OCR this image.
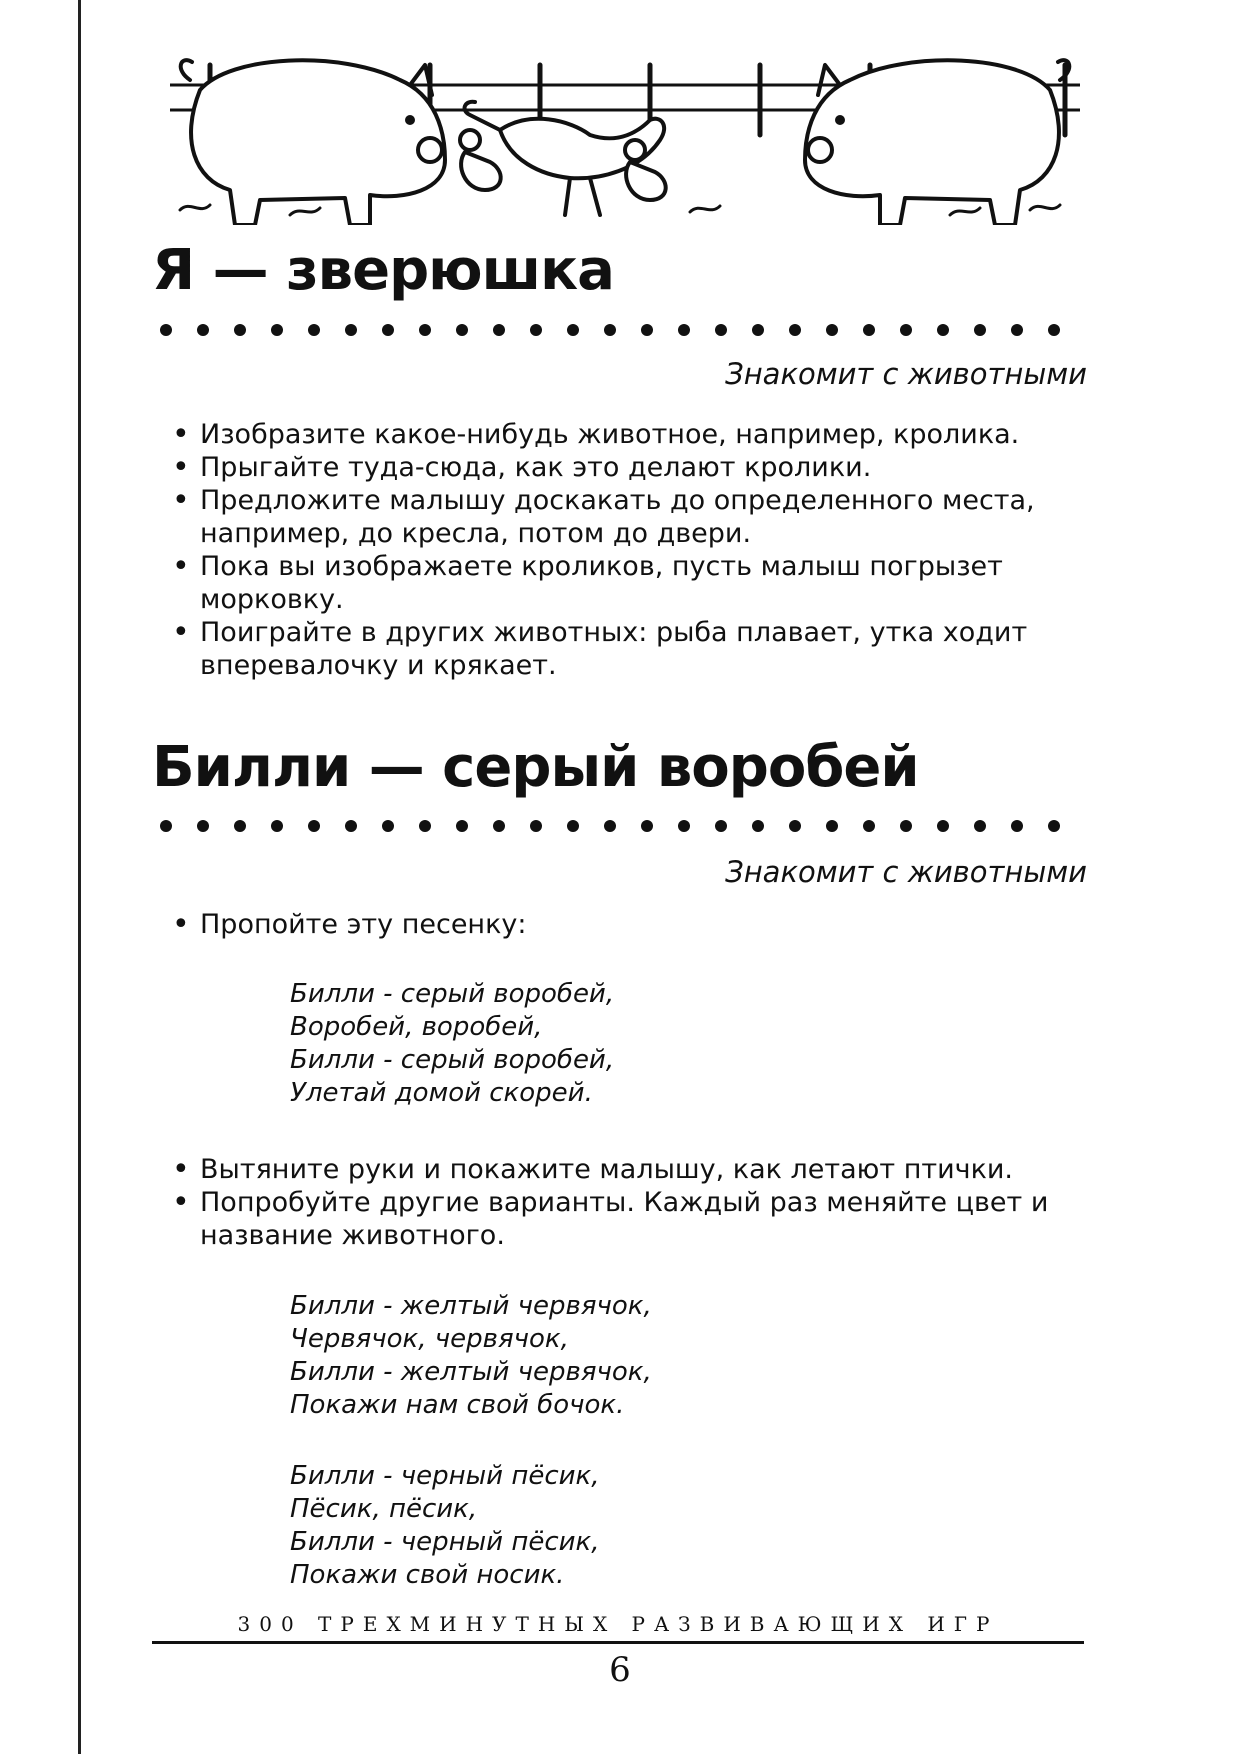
Я — зверюшка
Знакомит с животными
• Изобразите какое-нибудь животное, например, кролика.
• Прыгайте туда-сюда, как это делают кролики.
• Предложите малышу доскакать до определенного места, например, до кресла, потом до двери.
• Пока вы изображаете кроликов, пусть малыш погрызет морковку.
• Поиграйте в других животных: рыба плавает, утка ходит вперевалочку и крякает.
Билли — серый воробей
Знакомит с животными
• Пропойте эту песенку:
Билли - серый воробей,
Воробей, воробей,
Билли - серый воробей,
Улетай домой скорей.
• Вытяните руки и покажите малышу, как летают птички.
• Попробуйте другие варианты. Каждый раз меняйте цвет и название животного.
Билли - желтый червячок,
Червячок, червячок,
Билли - желтый червячок,
Покажи нам свой бочок.
Билли - черный пёсик,
Пёсик, пёсик,
Билли - черный пёсик,
Покажи свой носик.
300 ТРЕХМИНУТНЫХ РАЗВИВАЮЩИХ ИГР
6
